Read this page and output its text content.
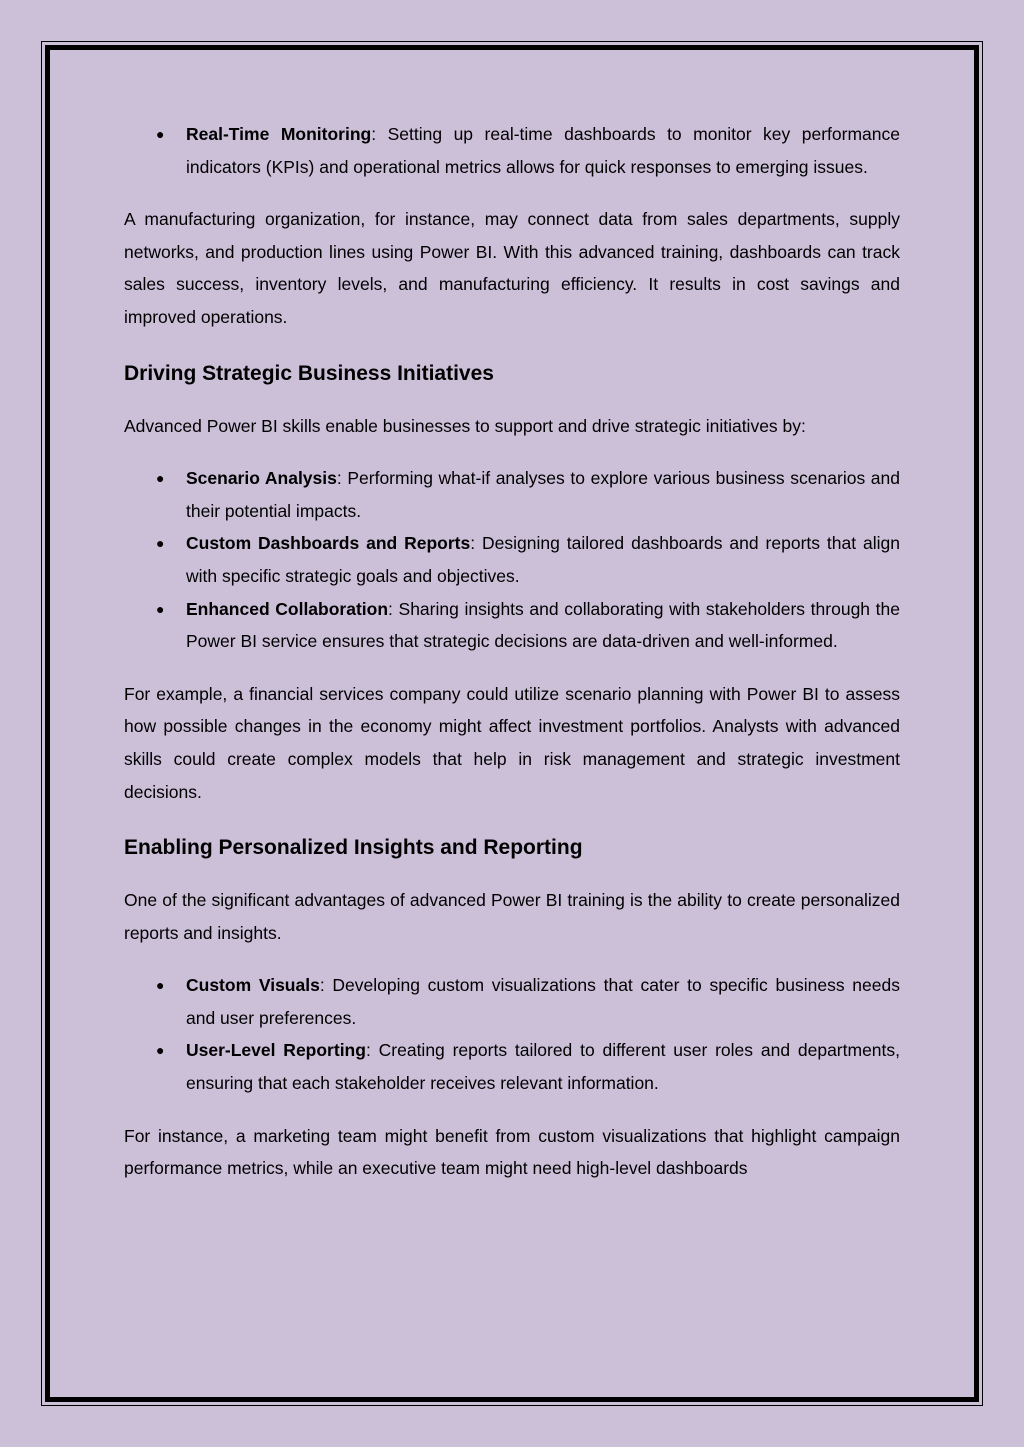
● Real-Time Monitoring: Setting up real-time dashboards to monitor key performance indicators (KPIs) and operational metrics allows for quick responses to emerging issues.

A manufacturing organization, for instance, may connect data from sales departments, supply networks, and production lines using Power BI. With this advanced training, dashboards can track sales success, inventory levels, and manufacturing efficiency. It results in cost savings and improved operations.

Driving Strategic Business Initiatives

Advanced Power BI skills enable businesses to support and drive strategic initiatives by:

● Scenario Analysis: Performing what-if analyses to explore various business scenarios and their potential impacts.
● Custom Dashboards and Reports: Designing tailored dashboards and reports that align with specific strategic goals and objectives.
● Enhanced Collaboration: Sharing insights and collaborating with stakeholders through the Power BI service ensures that strategic decisions are data-driven and well-informed.

For example, a financial services company could utilize scenario planning with Power BI to assess how possible changes in the economy might affect investment portfolios. Analysts with advanced skills could create complex models that help in risk management and strategic investment decisions.

Enabling Personalized Insights and Reporting

One of the significant advantages of advanced Power BI training is the ability to create personalized reports and insights.

● Custom Visuals: Developing custom visualizations that cater to specific business needs and user preferences.
● User-Level Reporting: Creating reports tailored to different user roles and departments, ensuring that each stakeholder receives relevant information.

For instance, a marketing team might benefit from custom visualizations that highlight campaign performance metrics, while an executive team might need high-level dashboards
